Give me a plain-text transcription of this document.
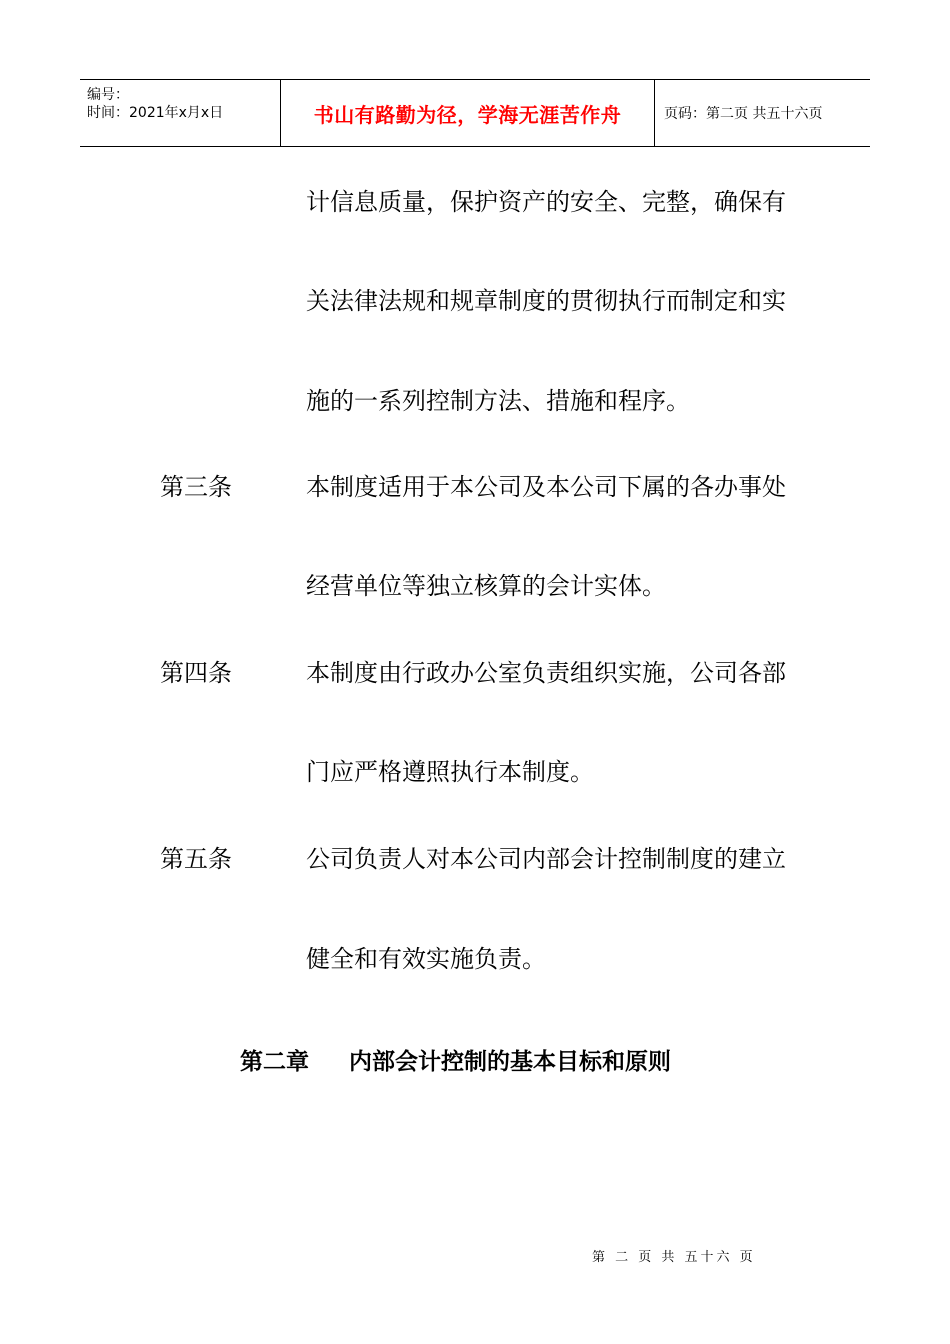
编号：
时间：2021年x月x日	书山有路勤为径，学海无涯苦作舟	页码：第二页 共五十六页
计信息质量，保护资产的安全、完整，确保有
关法律法规和规章制度的贯彻执行而制定和实
施的一系列控制方法、措施和程序。
第三条	本制度适用于本公司及本公司下属的各办事处
经营单位等独立核算的会计实体。
第四条	本制度由行政办公室负责组织实施，公司各部
门应严格遵照执行本制度。
第五条	公司负责人对本公司内部会计控制制度的建立
健全和有效实施负责。
第二章 内部会计控制的基本目标和原则
第 二 页 共 五十六 页
